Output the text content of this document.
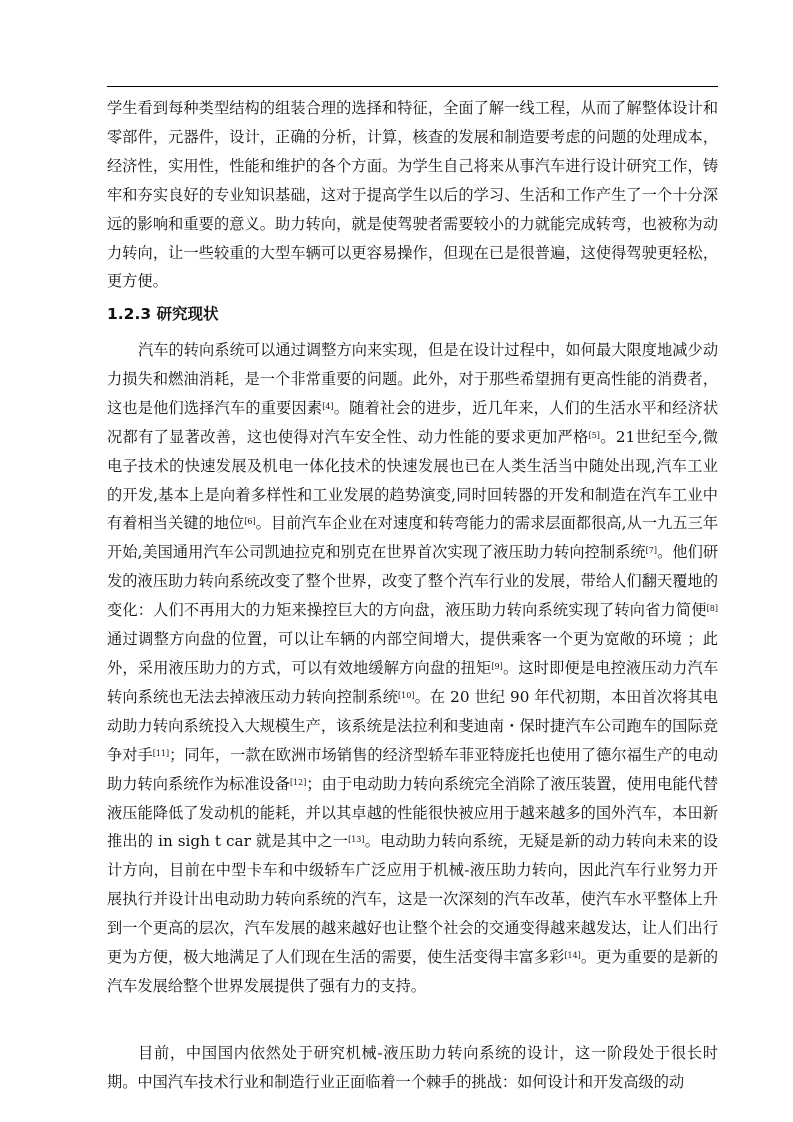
学生看到每种类型结构的组装合理的选择和特征，全面了解一线工程，从而了解整体设计和零部件，元器件，设计，正确的分析，计算，核查的发展和制造要考虑的问题的处理成本，经济性，实用性，性能和维护的各个方面。为学生自己将来从事汽车进行设计研究工作，铸牢和夯实良好的专业知识基础，这对于提高学生以后的学习、生活和工作产生了一个十分深远的影响和重要的意义。助力转向，就是使驾驶者需要较小的力就能完成转弯，也被称为动力转向，让一些较重的大型车辆可以更容易操作，但现在已是很普遍，这使得驾驶更轻松，更方便。

1.2.3 研究现状

汽车的转向系统可以通过调整方向来实现，但是在设计过程中，如何最大限度地减少动力损失和燃油消耗，是一个非常重要的问题。此外，对于那些希望拥有更高性能的消费者，这也是他们选择汽车的重要因素[4]。随着社会的进步，近几年来，人们的生活水平和经济状况都有了显著改善，这也使得对汽车安全性、动力性能的要求更加严格[5]。21世纪至今,微电子技术的快速发展及机电一体化技术的快速发展也已在人类生活当中随处出现,汽车工业的开发,基本上是向着多样性和工业发展的趋势演变,同时回转器的开发和制造在汽车工业中有着相当关键的地位[6]。目前汽车企业在对速度和转弯能力的需求层面都很高,从一九五三年开始,美国通用汽车公司凯迪拉克和别克在世界首次实现了液压助力转向控制系统[7]。他们研发的液压助力转向系统改变了整个世界，改变了整个汽车行业的发展，带给人们翻天覆地的变化：人们不再用大的力矩来操控巨大的方向盘，液压助力转向系统实现了转向省力简便[8] 通过调整方向盘的位置，可以让车辆的内部空间增大，提供乘客一个更为宽敞的环境 ；此外，采用液压助力的方式，可以有效地缓解方向盘的扭矩[9]。这时即便是电控液压动力汽车转向系统也无法去掉液压动力转向控制系统[10]。在 20 世纪 90 年代初期，本田首次将其电动助力转向系统投入大规模生产，该系统是法拉利和斐迪南・保时捷汽车公司跑车的国际竞争对手[11]；同年，一款在欧洲市场销售的经济型轿车菲亚特庞托也使用了德尔福生产的电动助力转向系统作为标准设备[12]；由于电动助力转向系统完全消除了液压装置，使用电能代替液压能降低了发动机的能耗，并以其卓越的性能很快被应用于越来越多的国外汽车，本田新推出的 in sigh t car 就是其中之一[13]。电动助力转向系统，无疑是新的动力转向未来的设计方向，目前在中型卡车和中级轿车广泛应用于机械-液压助力转向，因此汽车行业努力开展执行并设计出电动助力转向系统的汽车，这是一次深刻的汽车改革，使汽车水平整体上升到一个更高的层次，汽车发展的越来越好也让整个社会的交通变得越来越发达，让人们出行更为方便，极大地满足了人们现在生活的需要，使生活变得丰富多彩[14]。更为重要的是新的汽车发展给整个世界发展提供了强有力的支持。

目前，中国国内依然处于研究机械-液压助力转向系统的设计，这一阶段处于很长时期。中国汽车技术行业和制造行业正面临着一个棘手的挑战：如何设计和开发高级的动
